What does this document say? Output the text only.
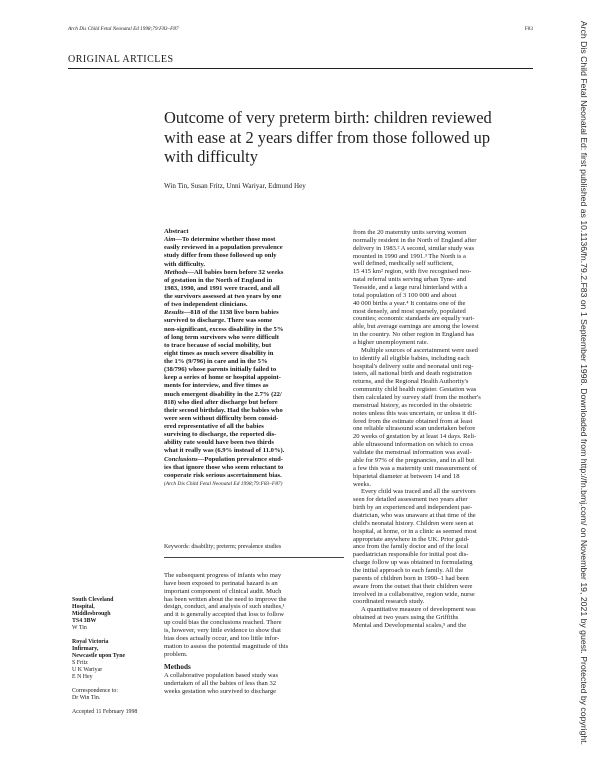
Arch Dis Child Fetal Neonatal Ed 1998;79:F83–F87	F83
ORIGINAL ARTICLES
Outcome of very preterm birth: children reviewed
with ease at 2 years differ from those followed up
with difficulty
Win Tin, Susan Fritz, Unni Wariyar, Edmund Hey
Abstract
Aim—To determine whether those most
easily reviewed in a population prevalence
study differ from those followed up only
with difficulty.
Methods—All babies born before 32 weeks
of gestation in the North of England in
1983, 1990, and 1991 were traced, and all
the survivors assessed at two years by one
of two independent clinicians.
Results—818 of the 1138 live born babies
survived to discharge. There was some
non-significant, excess disability in the 5%
of long term survivors who were difficult
to trace because of social mobility, but
eight times as much severe disability in
the 1% (9/796) in care and in the 5%
(38/796) whose parents initially failed to
keep a series of home or hospital appoint-
ments for interview, and five times as
much emergent disability in the 2.7% (22/
818) who died after discharge but before
their second birthday. Had the babies who
were seen without difficulty been consid-
ered representative of all the babies
surviving to discharge, the reported dis-
ability rate would have been two thirds
what it really was (6.9% instead of 11.0%).
Conclusions—Population prevalence stud-
ies that ignore those who seem reluctant to
cooperate risk serious ascertainment bias.
(Arch Dis Child Fetal Neonatal Ed 1998;79:F83–F87)
Keywords: disability; preterm; prevalence studies
The subsequent progress of infants who may
have been exposed to perinatal hazard is an
important component of clinical audit. Much
has been written about the need to improve the
design, conduct, and analysis of such studies,¹
and it is generally accepted that loss to follow
up could bias the conclusions reached. There
is, however, very little evidence to show that
bias does actually occur, and too little infor-
mation to assess the potential magnitude of this
problem.
Methods
A collaborative population based study was
undertaken of all the babies of less than 32
weeks gestation who survived to discharge
from the 20 maternity units serving women
normally resident in the North of England after
delivery in 1983.² A second, similar study was
mounted in 1990 and 1991.³ The North is a
well defined, medically self sufficient,
15 415 km² region, with five recognised neo-
natal referral units serving urban Tyne- and
Teesside, and a large rural hinterland with a
total population of 3 100 000 and about
40 000 births a year.⁴ It contains one of the
most densely, and most sparsely, populated
counties; economic standards are equally vari-
able, but average earnings are among the lowest
in the country. No other region in England has
a higher unemployment rate.
Multiple sources of ascertainment were used
to identify all eligible babies, including each
hospital's delivery suite and neonatal unit reg-
isters, all national birth and death registration
returns, and the Regional Health Authority's
community child health register. Gestation was
then calculated by survey staff from the mother's
menstrual history, as recorded in the obstetric
notes unless this was uncertain, or unless it dif-
fered from the estimate obtained from at least
one reliable ultrasound scan undertaken before
20 weeks of gestation by at least 14 days. Reli-
able ultrasound information on which to cross
validate the menstrual information was avail-
able for 97% of the pregnancies, and in all but
a few this was a maternity unit measurement of
biparietal diameter at between 14 and 18
weeks.
Every child was traced and all the survivors
seen for detailed assessment two years after
birth by an experienced and independent pae-
diatrician, who was unaware at that time of the
child's neonatal history. Children were seen at
hospital, at home, or in a clinic as seemed most
appropriate anywhere in the UK. Prior guid-
ance from the family doctor and of the local
paediatrician responsible for initial post dis-
charge follow up was obtained in formulating
the initial approach to each family. All the
parents of children born in 1990–1 had been
aware from the outset that their children were
involved in a collaborative, region wide, nurse
coordinated research study.
A quantitative measure of development was
obtained at two years using the Griffiths
Mental and Developmental scales,⁵ and the
South Cleveland
Hospital,
Middlesbrough
TS4 3BW
W Tin
Royal Victoria
Infirmary,
Newcastle upon Tyne
S Fritz
U K Wariyar
E N Hey
Correspondence to:
Dr Win Tin.
Accepted 11 February 1998	Arch Dis Child Fetal Neonatal Ed: first published as 10.1136/fn.79.2.F83 on 1 September 1998. Downloaded from http://fn.bmj.com/ on November 19, 2021 by guest. Protected by copyright.
